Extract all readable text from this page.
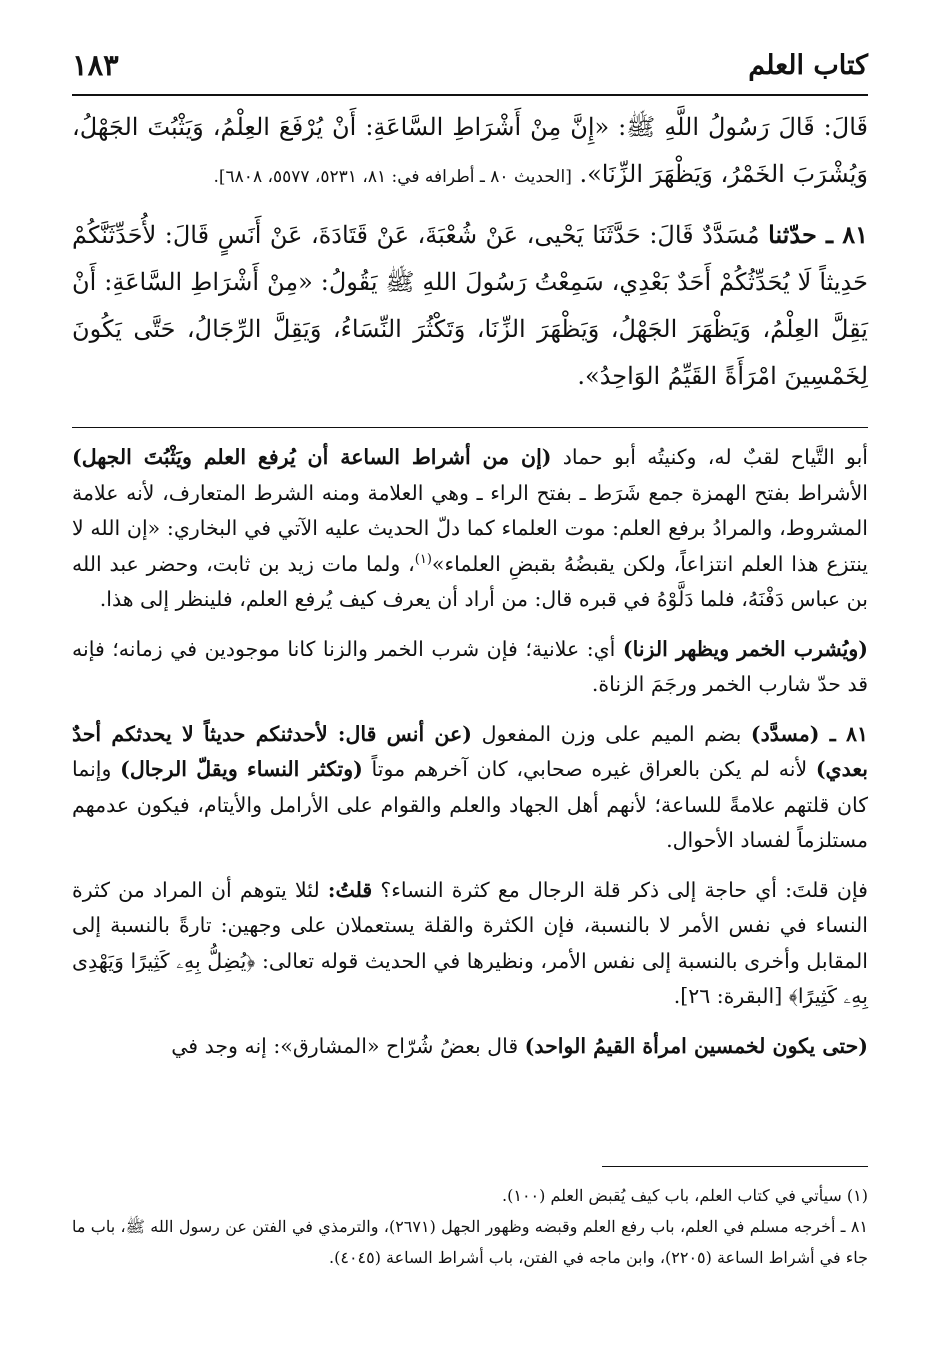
كتاب العلم
١٨٣

قَالَ: قَالَ رَسُولُ اللَّهِ ﷺ: «إِنَّ مِنْ أَشْرَاطِ السَّاعَةِ: أَنْ يُرْفَعَ العِلْمُ، وَيَثْبُتَ الجَهْلُ، وَيُشْرَبَ الخَمْرُ، وَيَظْهَرَ الزِّنَا». [الحديث ٨٠ ـ أطرافه في: ٨١، ٥٢٣١، ٥٥٧٧، ٦٨٠٨].

٨١ ـ حدّثنا مُسَدَّدٌ قَالَ: حَدَّثَنَا يَحْيى، عَنْ شُعْبَةَ، عَنْ قَتَادَةَ، عَنْ أَنَسٍ قَالَ: لأُحَدِّثَنَّكُمْ حَدِيثاً لَا يُحَدِّثُكُمْ أَحَدٌ بَعْدِي، سَمِعْتُ رَسُولَ اللهِ ﷺ يَقُولُ: «مِنْ أَشْرَاطِ السَّاعَةِ: أَنْ يَقِلَّ العِلْمُ، وَيَظْهَرَ الجَهْلُ، وَيَظْهَرَ الزِّنَا، وَتَكْثُرَ النِّسَاءُ، وَيَقِلَّ الرِّجَالُ، حَتَّى يَكُونَ لِخَمْسِينَ امْرَأَةً القَيِّمُ الوَاحِدُ».

أبو التَّياح لقبٌ له، وكنيتُه أبو حماد (إن من أشراط الساعة أن يُرفع العلم ويَثْبُتَ الجهل) الأشراط بفتح الهمزة جمع شَرَط ـ بفتح الراء ـ وهي العلامة ومنه الشرط المتعارف، لأنه علامة المشروط، والمرادُ برفع العلم: موت العلماء كما دلّ الحديث عليه الآتي في البخاري: «إن الله لا ينتزع هذا العلم انتزاعاً، ولكن يقبضُهُ بقبضِ العلماء»$^{(١)}$، ولما مات زيد بن ثابت، وحضر عبد الله بن عباس دَفْنَهُ، فلما دَلَّوْهُ في قبره قال: من أراد أن يعرف كيف يُرفع العلم، فلينظر إلى هذا.

(ويُشرب الخمر ويظهر الزنا) أي: علانية؛ فإن شرب الخمر والزنا كانا موجودين في زمانه؛ فإنه قد حدّ شارب الخمر ورجَمَ الزناة.

٨١ ـ (مسدَّد) بضم الميم على وزن المفعول (عن أنس قال: لأحدثنكم حديثاً لا يحدثكم أحدٌ بعدي) لأنه لم يكن بالعراق غيره صحابي، كان آخرهم موتاً (وتكثر النساء ويقلّ الرجال) وإنما كان قلتهم علامةً للساعة؛ لأنهم أهل الجهاد والعلم والقوام على الأرامل والأيتام، فيكون عدمهم مستلزماً لفساد الأحوال.

فإن قلتَ: أي حاجة إلى ذكر قلة الرجال مع كثرة النساء؟ قلتُ: لئلا يتوهم أن المراد من كثرة النساء في نفس الأمر لا بالنسبة، فإن الكثرة والقلة يستعملان على وجهين: تارةً بالنسبة إلى المقابل وأخرى بالنسبة إلى نفس الأمر، ونظيرها في الحديث قوله تعالى: ﴿يُضِلُّ بِهِۦ كَثِيرًا وَيَهْدِى بِهِۦ كَثِيرًا﴾ [البقرة: ٢٦].

(حتى يكون لخمسين امرأة القيمُ الواحد) قال بعضُ شُرّاح «المشارق»: إنه وجد في

(١) سيأتي في كتاب العلم، باب كيف يُقبض العلم (١٠٠).

٨١ ـ أخرجه مسلم في العلم، باب رفع العلم وقبضه وظهور الجهل (٢٦٧١)، والترمذي في الفتن عن رسول الله ﷺ، باب ما جاء في أشراط الساعة (٢٢٠٥)، وابن ماجه في الفتن، باب أشراط الساعة (٤٠٤٥).
